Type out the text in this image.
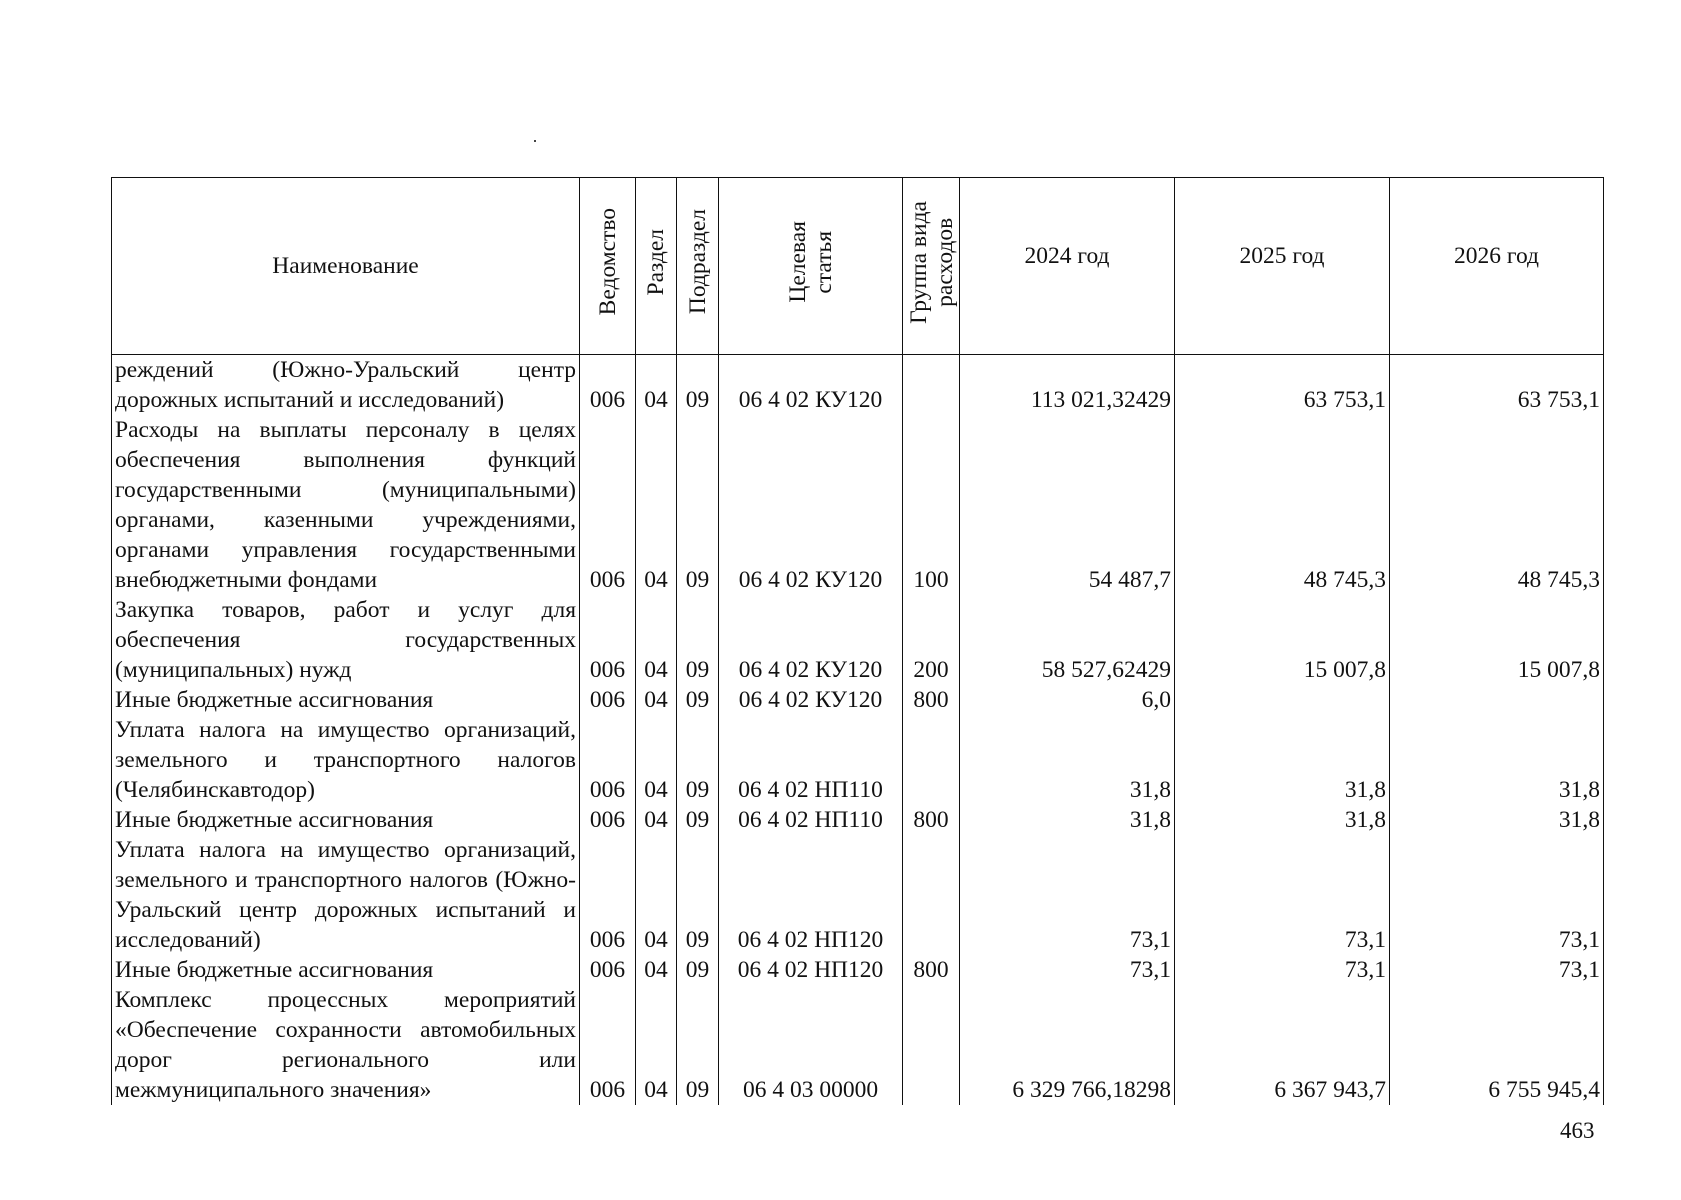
Наименование	Ведомство	Раздел	Подраздел	Целевая
статья	Группа вида
расходов	2024 год	2025 год	2026 год
реждений (Южно-Уральский центр дорожных испытаний и исследований)	006	04	09	06 4 02 КУ120		113 021,32429	63 753,1	63 753,1
Расходы на выплаты персоналу в целях обеспечения выполнения функций государственными (муниципальными) органами, казенными учреждениями, органами управления государственными внебюджетными фондами	006	04	09	06 4 02 КУ120	100	54 487,7	48 745,3	48 745,3
Закупка товаров, работ и услуг для обеспечения государственных (муниципальных) нужд	006	04	09	06 4 02 КУ120	200	58 527,62429	15 007,8	15 007,8
Иные бюджетные ассигнования	006	04	09	06 4 02 КУ120	800	6,0		
Уплата налога на имущество организаций, земельного и транспортного налогов (Челябинскавтодор)	006	04	09	06 4 02 НП110		31,8	31,8	31,8
Иные бюджетные ассигнования	006	04	09	06 4 02 НП110	800	31,8	31,8	31,8
Уплата налога на имущество организаций, земельного и транспортного налогов (Южно-Уральский центр дорожных испытаний и исследований)	006	04	09	06 4 02 НП120		73,1	73,1	73,1
Иные бюджетные ассигнования	006	04	09	06 4 02 НП120	800	73,1	73,1	73,1
Комплекс процессных мероприятий «Обеспечение сохранности автомобильных дорог регионального или межмуниципального значения»	006	04	09	06 4 03 00000		6 329 766,18298	6 367 943,7	6 755 945,4
463
